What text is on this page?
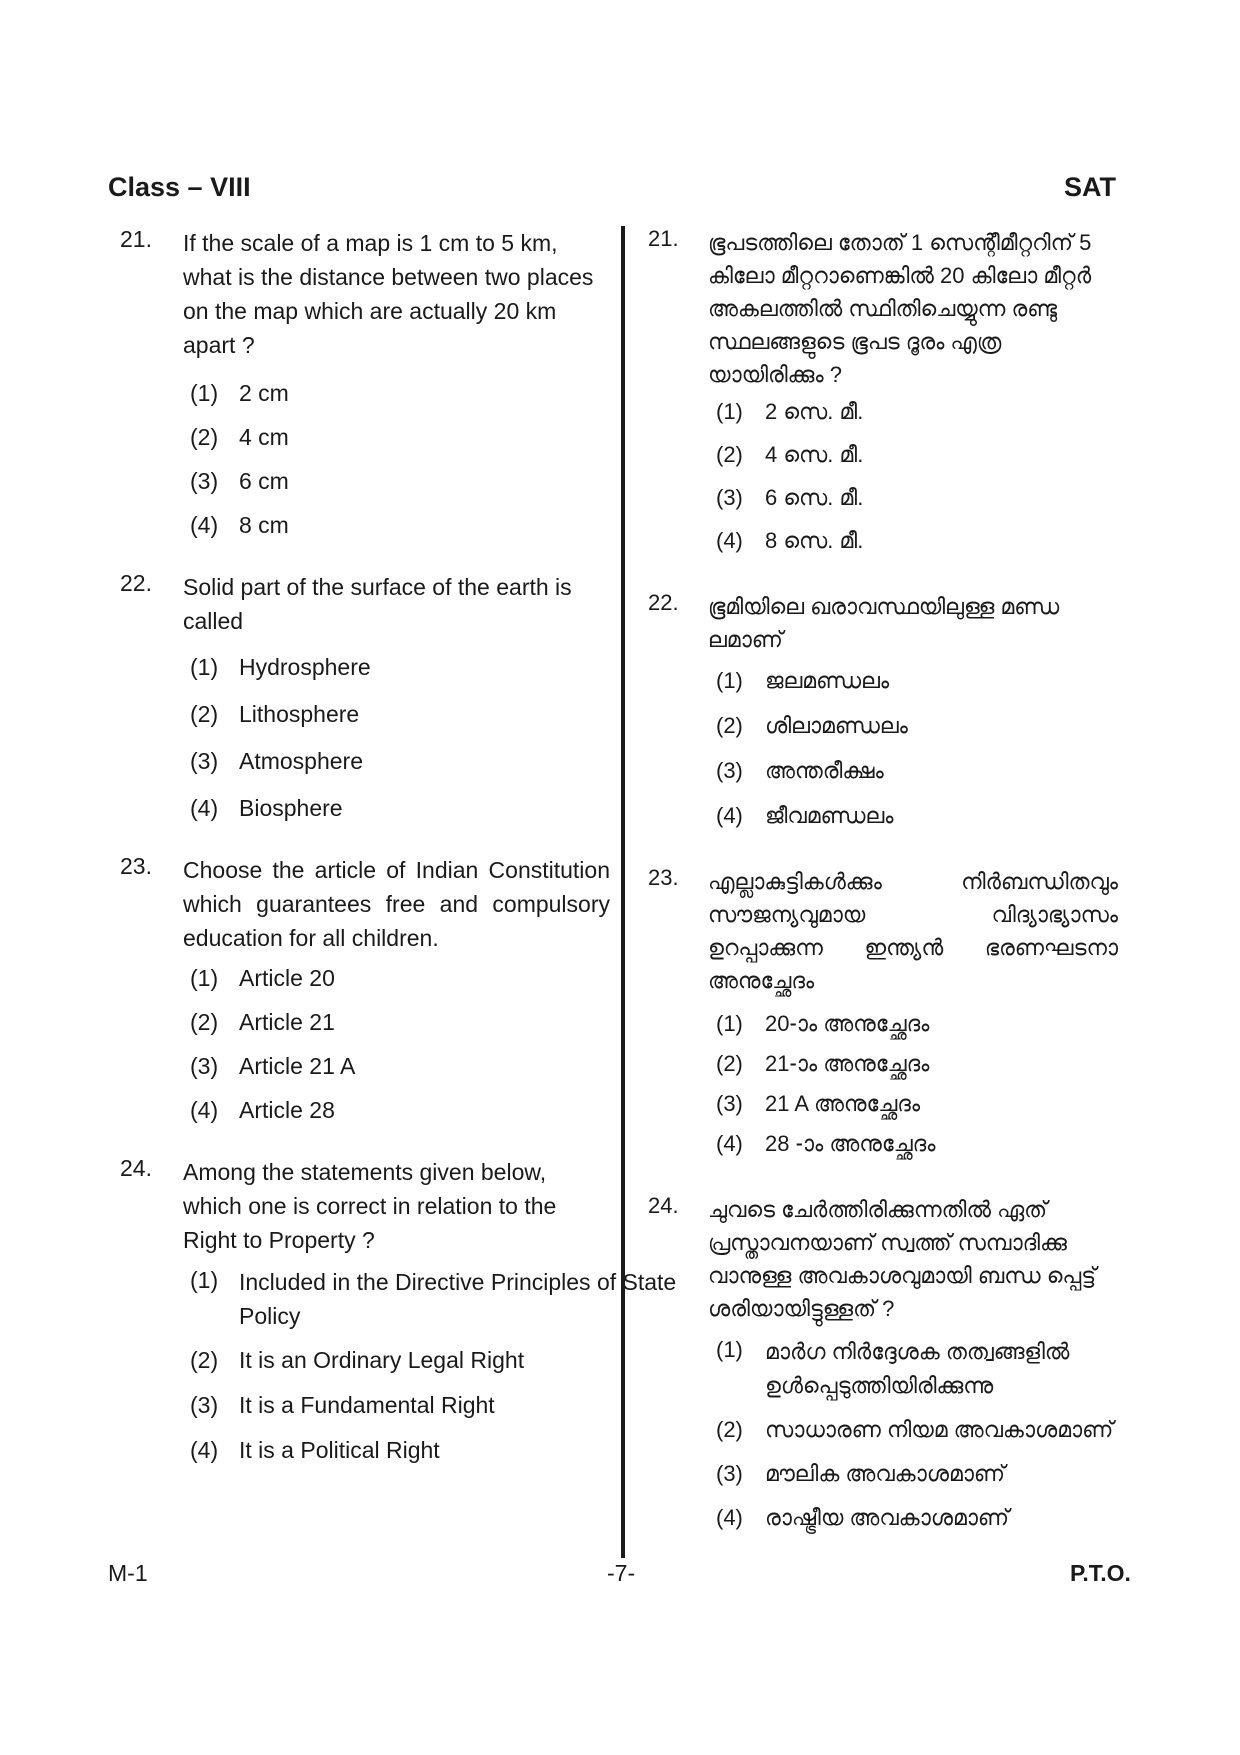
Class – VIII	SAT
21. If the scale of a map is 1 cm to 5 km, what is the distance between two places on the map which are actually 20 km apart ?
(1) 2 cm
(2) 4 cm
(3) 6 cm
(4) 8 cm
22. Solid part of the surface of the earth is called
(1) Hydrosphere
(2) Lithosphere
(3) Atmosphere
(4) Biosphere
23. Choose the article of Indian Constitution which guarantees free and compulsory education for all children.
(1) Article 20
(2) Article 21
(3) Article 21 A
(4) Article 28
24. Among the statements given below, which one is correct in relation to the Right to Property ?
(1) Included in the Directive Principles of State Policy
(2) It is an Ordinary Legal Right
(3) It is a Fundamental Right
(4) It is a Political Right
21. ഭൂപടത്തിലെ തോത് 1 സെന്റീമീറ്ററിന് 5 കിലോ മീറ്ററാണെങ്കിൽ 20 കിലോ മീറ്റർ അകലത്തിൽ സ്ഥിതിചെയ്യുന്ന രണ്ടു സ്ഥലങ്ങളുടെ ഭൂപട ദൂരം എത്ര യായിരിക്കും ?
(1) 2 സെ. മീ.
(2) 4 സെ. മീ.
(3) 6 സെ. മീ.
(4) 8 സെ. മീ.
22. ഭൂമിയിലെ ഖരാവസ്ഥയിലുള്ള മണ്ഡ ലമാണ്
(1) ജലമണ്ഡലം
(2) ശിലാമണ്ഡലം
(3) അന്തരീക്ഷം
(4) ജീവമണ്ഡലം
23. എല്ലാകുട്ടികൾക്കും നിർബന്ധിതവും സൗജന്യവുമായ വിദ്യാഭ്യാസം ഉറപ്പാക്കുന്ന ഇന്ത്യൻ ഭരണഘടനാ അനുച്ഛേദം
(1) 20-ാം അനുച്ഛേദം
(2) 21-ാം അനുച്ഛേദം
(3) 21 A അനുച്ഛേദം
(4) 28 -ാം അനുച്ഛേദം
24. ചുവടെ ചേർത്തിരിക്കുന്നതിൽ ഏത് പ്രസ്താവനയാണ് സ്വത്ത് സമ്പാദിക്കു വാനുള്ള അവകാശവുമായി ബന്ധ പ്പെട്ട് ശരിയായിട്ടുള്ളത് ?
(1) മാർഗ നിർദ്ദേശക തത്വങ്ങളിൽ ഉൾപ്പെടുത്തിയിരിക്കുന്നു
(2) സാധാരണ നിയമ അവകാശമാണ്
(3) മൗലിക അവകാശമാണ്
(4) രാഷ്ട്രീയ അവകാശമാണ്
M-1	-7-	P.T.O.
